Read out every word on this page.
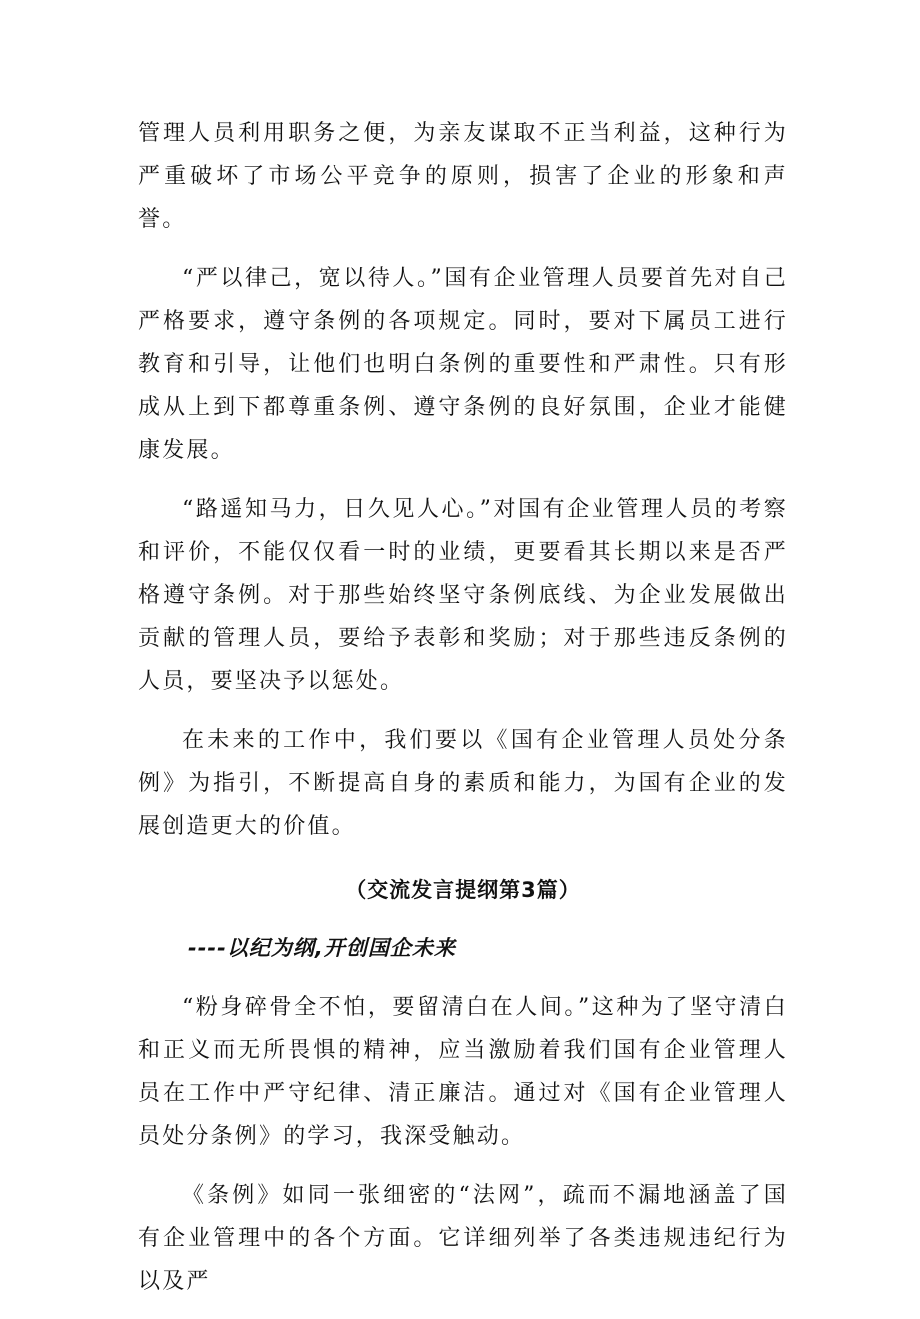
管理人员利用职务之便，为亲友谋取不正当利益，这种行为严重破坏了市场公平竞争的原则，损害了企业的形象和声誉。

“严以律己，宽以待人。”国有企业管理人员要首先对自己严格要求，遵守条例的各项规定。同时，要对下属员工进行教育和引导，让他们也明白条例的重要性和严肃性。只有形成从上到下都尊重条例、遵守条例的良好氛围，企业才能健康发展。

“路遥知马力，日久见人心。”对国有企业管理人员的考察和评价，不能仅仅看一时的业绩，更要看其长期以来是否严格遵守条例。对于那些始终坚守条例底线、为企业发展做出贡献的管理人员，要给予表彰和奖励；对于那些违反条例的人员，要坚决予以惩处。

在未来的工作中，我们要以《国有企业管理人员处分条例》为指引，不断提高自身的素质和能力，为国有企业的发展创造更大的价值。

（交流发言提纲第3篇）
----以纪为纲,开创国企未来

“粉身碎骨全不怕，要留清白在人间。”这种为了坚守清白和正义而无所畏惧的精神，应当激励着我们国有企业管理人员在工作中严守纪律、清正廉洁。通过对《国有企业管理人员处分条例》的学习，我深受触动。

《条例》如同一张细密的“法网”，疏而不漏地涵盖了国有企业管理中的各个方面。它详细列举了各类违规违纪行为以及严
